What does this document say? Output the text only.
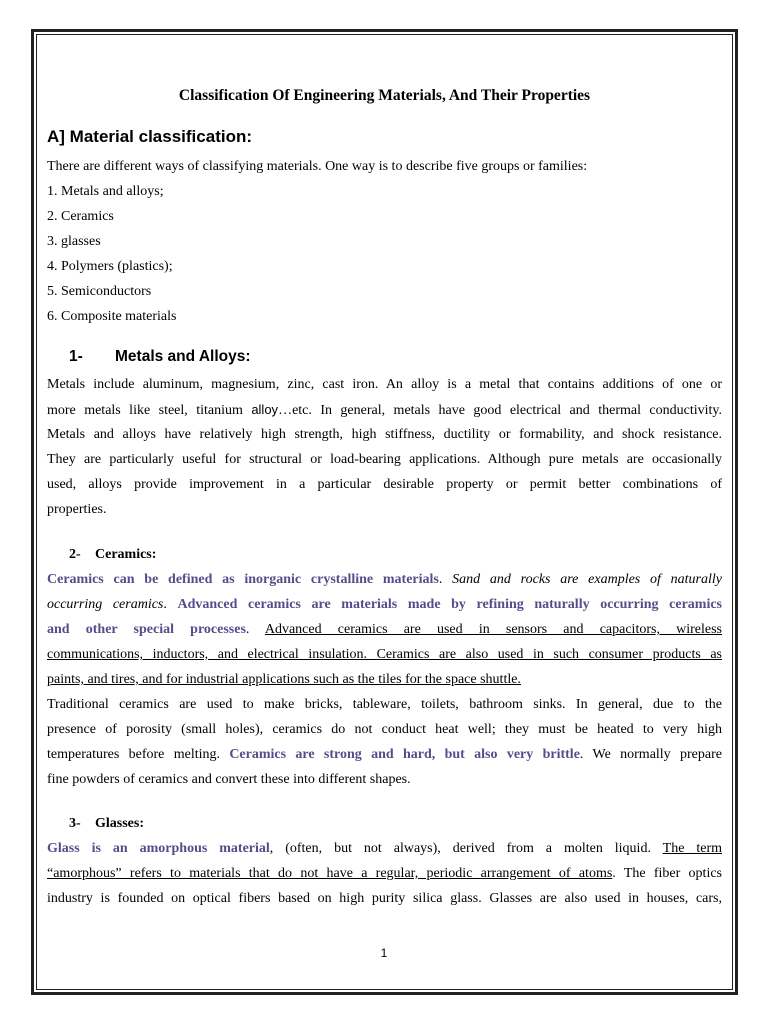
Classification Of Engineering Materials, And Their Properties
A] Material classification:
There are different ways of classifying materials. One way is to describe five groups or families:
1. Metals and alloys;
2. Ceramics
3. glasses
4. Polymers (plastics);
5. Semiconductors
6. Composite materials
1- Metals and Alloys:
Metals include aluminum, magnesium, zinc, cast iron. An alloy is a metal that contains additions of one or
more metals like steel, titanium alloy…etc. In general, metals have good electrical and thermal conductivity.
Metals and alloys have relatively high strength, high stiffness, ductility or formability, and shock resistance.
They are particularly useful for structural or load-bearing applications. Although pure metals are occasionally
used, alloys provide improvement in a particular desirable property or permit better combinations of
properties.
2- Ceramics:
Ceramics can be defined as inorganic crystalline materials. Sand and rocks are examples of naturally
occurring ceramics. Advanced ceramics are materials made by refining naturally occurring ceramics
and other special processes. Advanced ceramics are used in sensors and capacitors, wireless
communications, inductors, and electrical insulation. Ceramics are also used in such consumer products as
paints, and tires, and for industrial applications such as the tiles for the space shuttle.
Traditional ceramics are used to make bricks, tableware, toilets, bathroom sinks. In general, due to the
presence of porosity (small holes), ceramics do not conduct heat well; they must be heated to very high
temperatures before melting. Ceramics are strong and hard, but also very brittle. We normally prepare
fine powders of ceramics and convert these into different shapes.
3- Glasses:
Glass is an amorphous material, (often, but not always), derived from a molten liquid. The term
“amorphous” refers to materials that do not have a regular, periodic arrangement of atoms. The fiber optics
industry is founded on optical fibers based on high purity silica glass. Glasses are also used in houses, cars,
1
